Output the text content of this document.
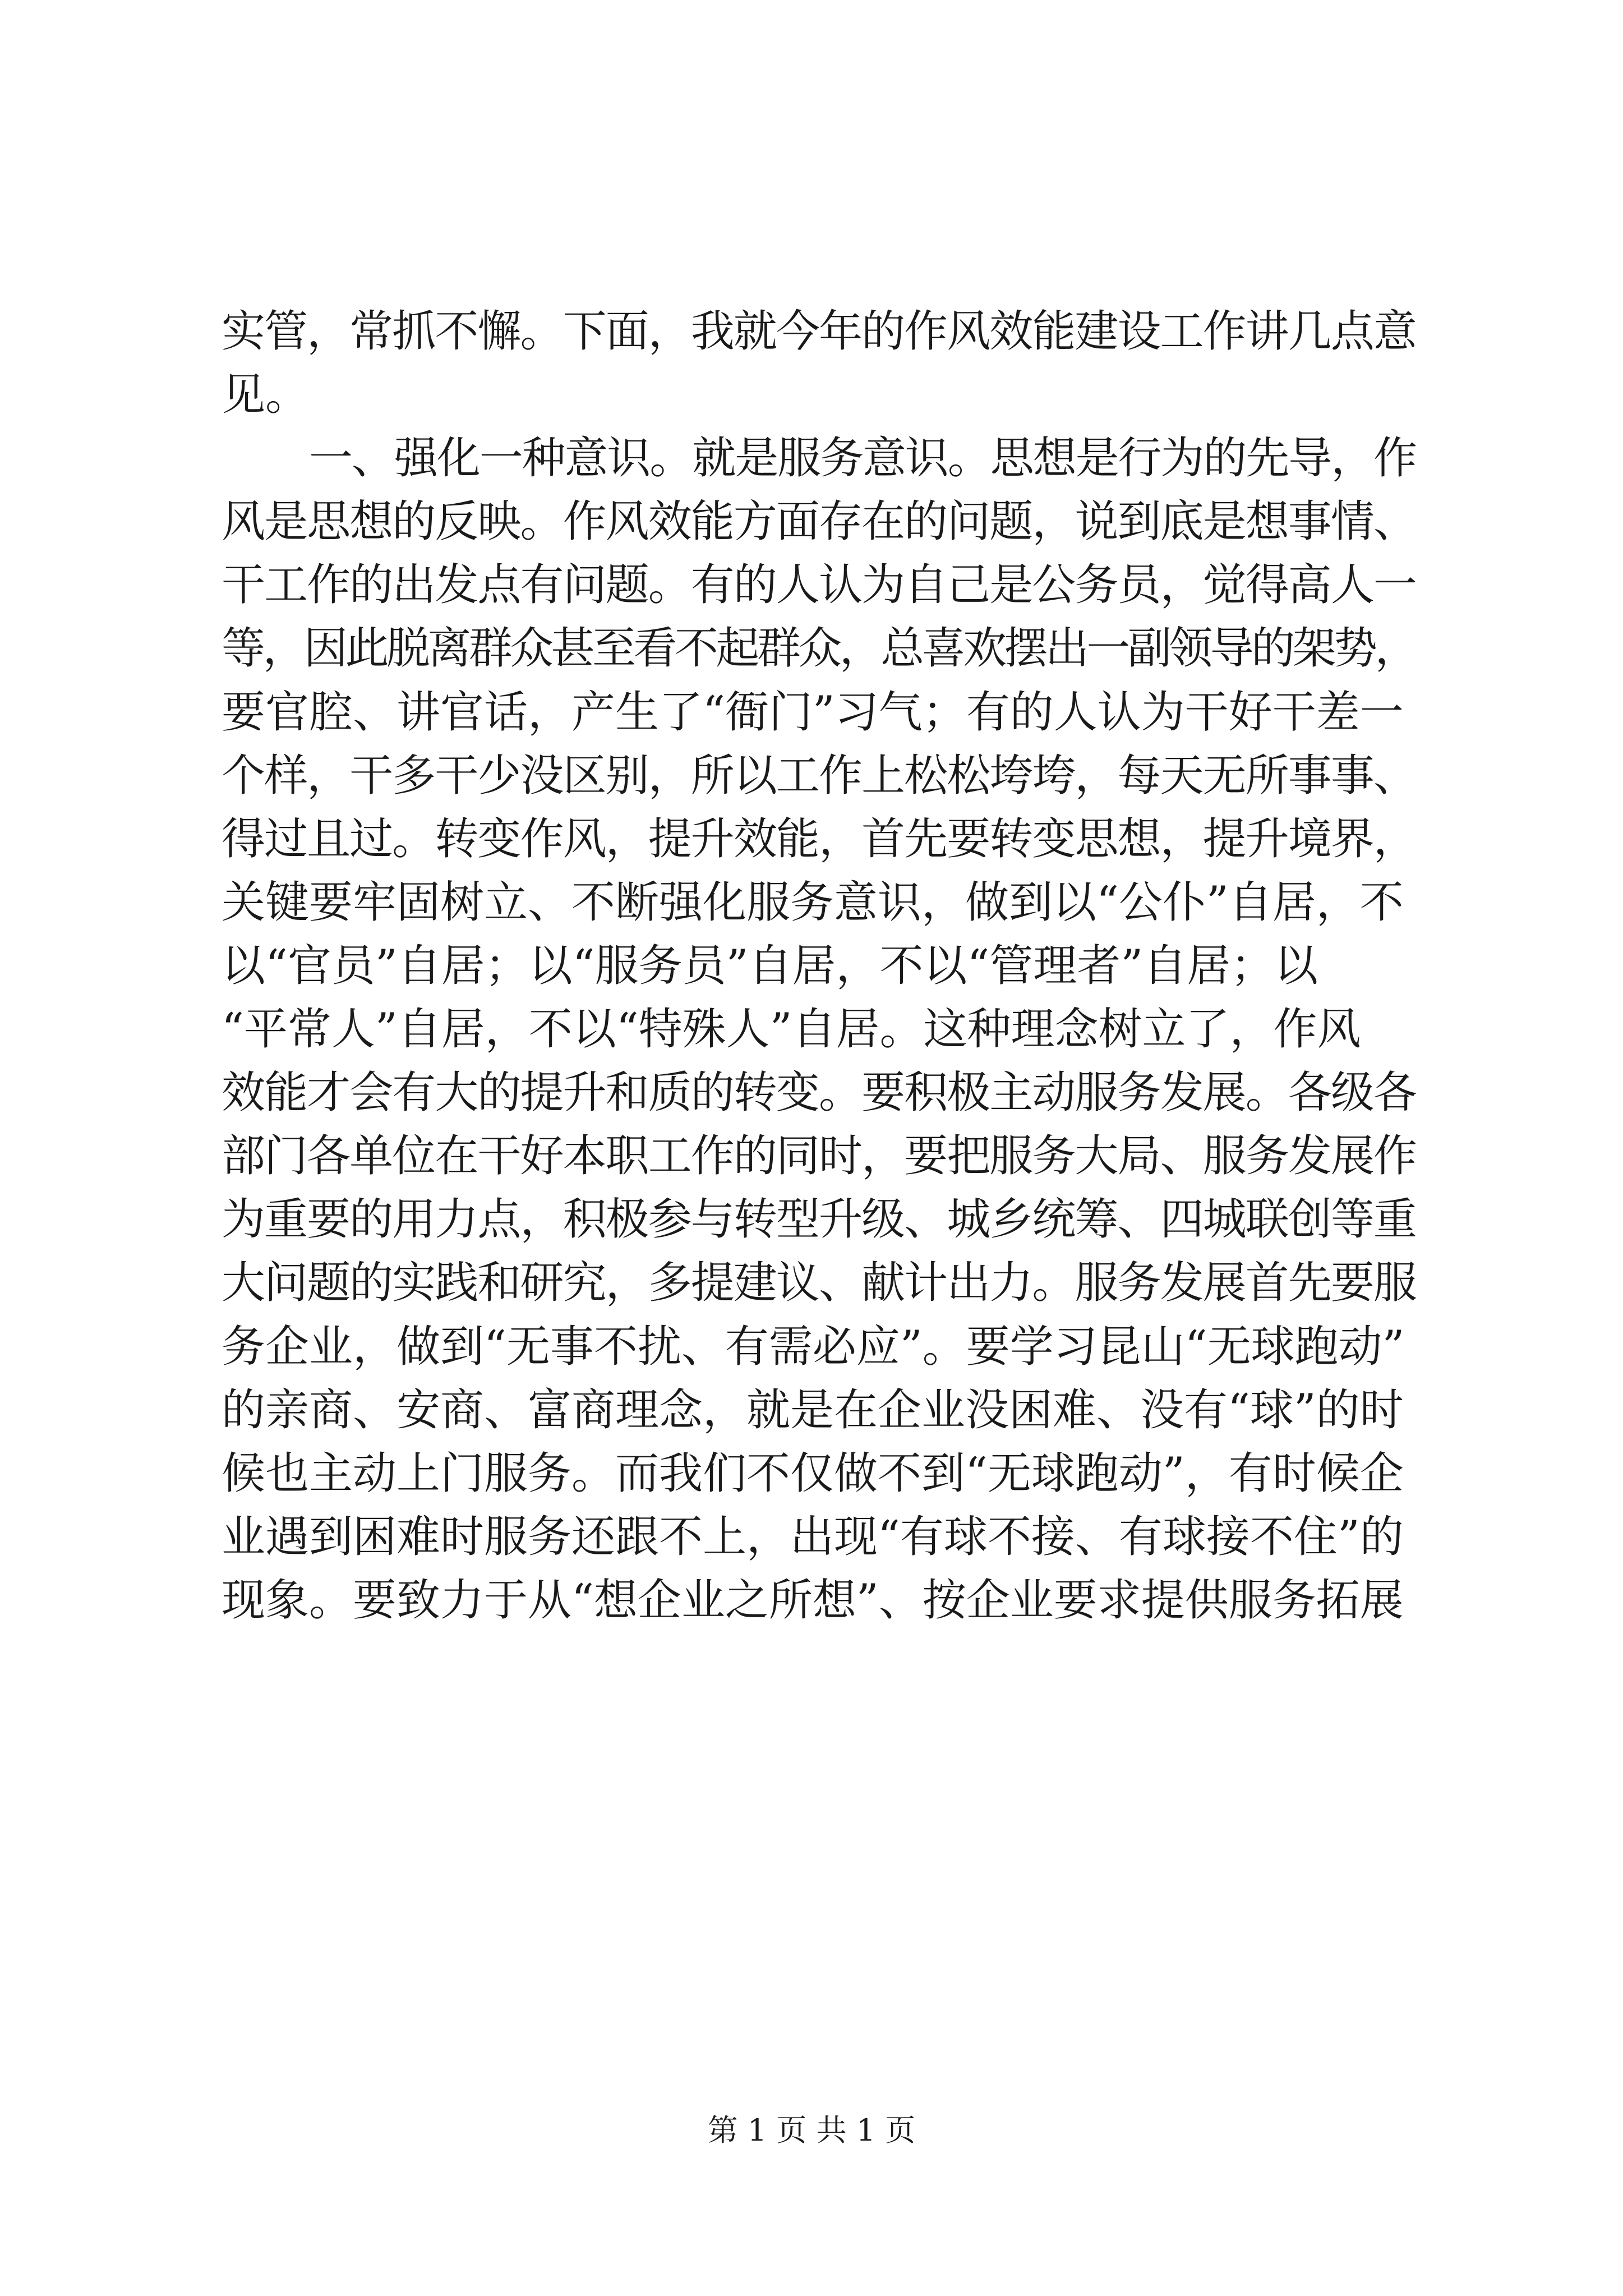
实管，常抓不懈。下面，我就今年的作风效能建设工作讲几点意
见。

一、强化一种意识。就是服务意识。思想是行为的先导，作
风是思想的反映。作风效能方面存在的问题，说到底是想事情、
干工作的出发点有问题。有的人认为自己是公务员，觉得高人一
等，因此脱离群众甚至看不起群众，总喜欢摆出一副领导的架势，
要官腔、讲官话，产生了“衙门”习气；有的人认为干好干差一
个样，干多干少没区别，所以工作上松松垮垮，每天无所事事、
得过且过。转变作风，提升效能，首先要转变思想，提升境界，
关键要牢固树立、不断强化服务意识，做到以“公仆”自居，不
以“官员”自居；以“服务员”自居，不以“管理者”自居；以
“平常人”自居，不以“特殊人”自居。这种理念树立了，作风
效能才会有大的提升和质的转变。要积极主动服务发展。各级各
部门各单位在干好本职工作的同时，要把服务大局、服务发展作
为重要的用力点，积极参与转型升级、城乡统筹、四城联创等重
大问题的实践和研究，多提建议、献计出力。服务发展首先要服
务企业，做到“无事不扰、有需必应”。要学习昆山“无球跑动”
的亲商、安商、富商理念，就是在企业没困难、没有“球”的时
候也主动上门服务。而我们不仅做不到“无球跑动”，有时候企
业遇到困难时服务还跟不上，出现“有球不接、有球接不住”的
现象。要致力于从“想企业之所想”、按企业要求提供服务拓展

第 1 页 共 1 页
